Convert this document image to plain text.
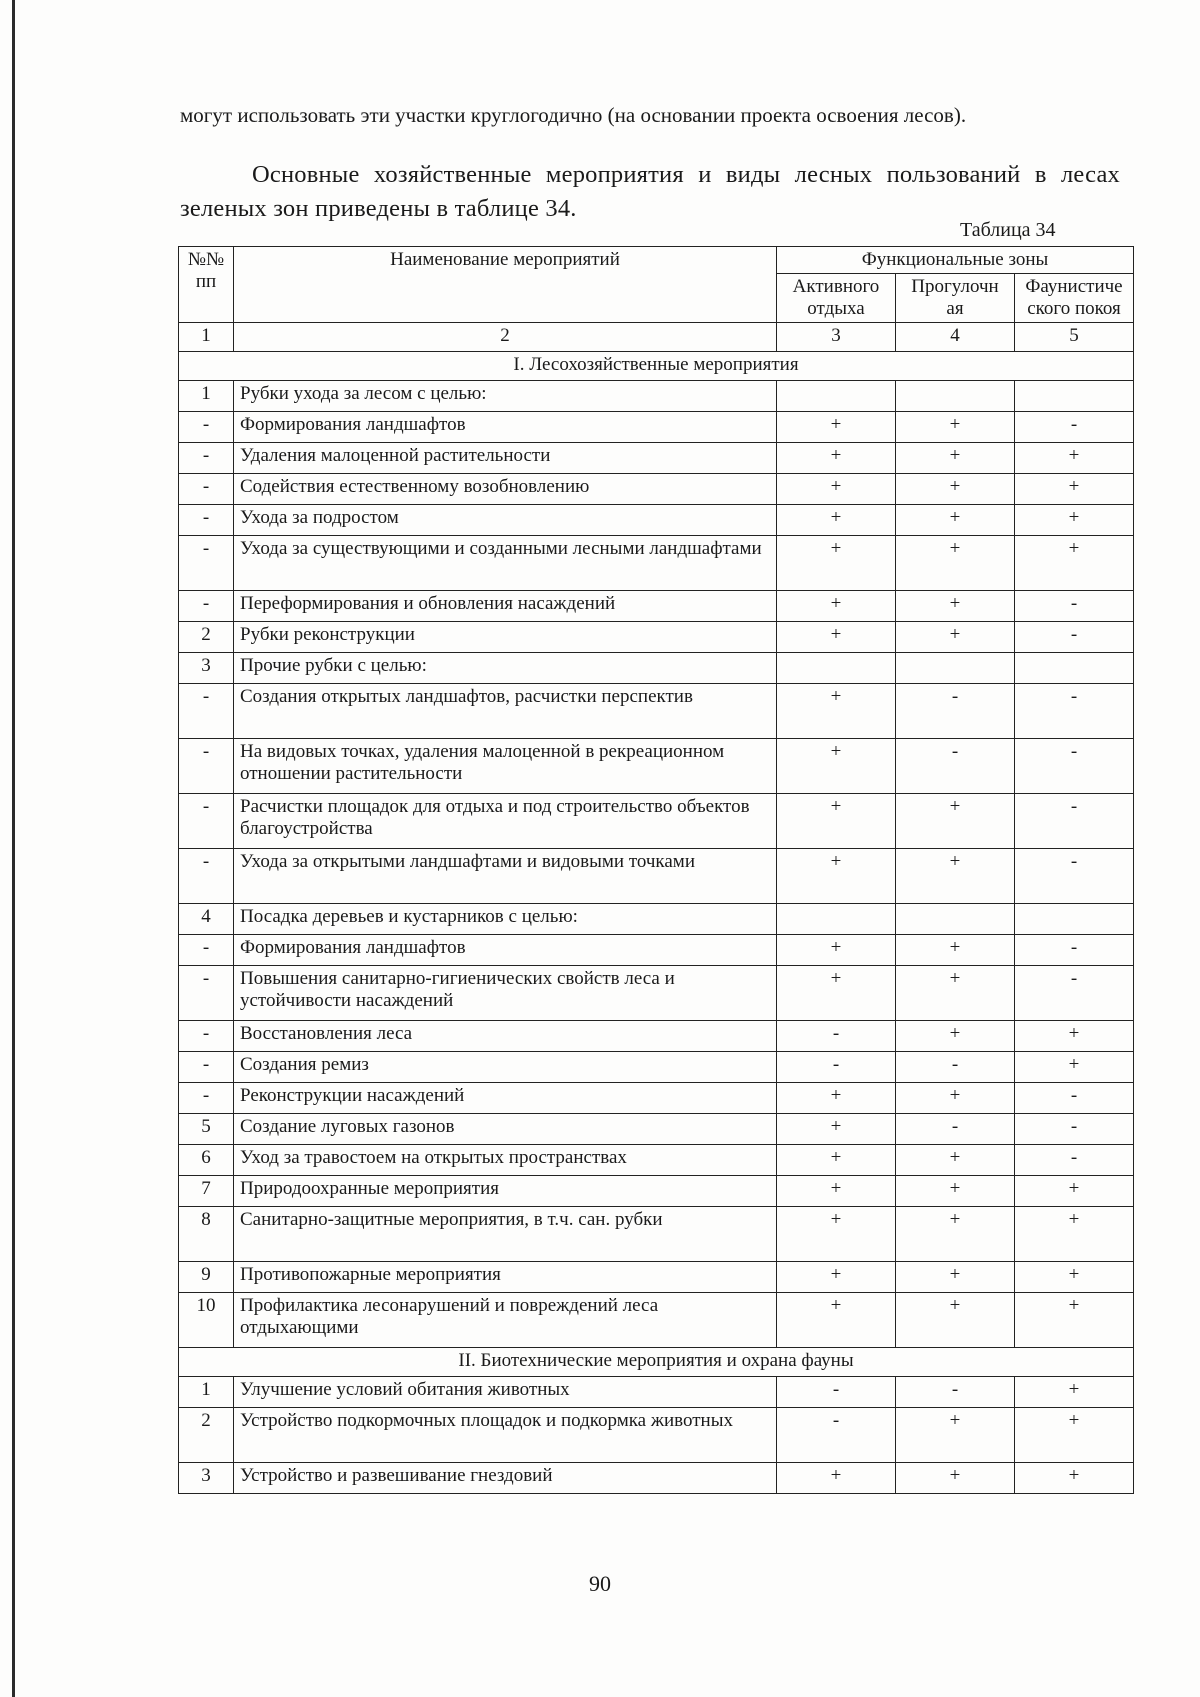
могут использовать эти участки круглогодично (на основании проекта освоения лесов).
Основные хозяйственные мероприятия и виды лесных пользований в лесах зеленых зон приведены в таблице 34.
Таблица 34
№№ пп	Наименование мероприятий	Функциональные зоны		
		Активного отдыха	Прогулочн ая	Фаунистиче ского покоя
1	2	3	4	5
I. Лесохозяйственные мероприятия				
1	Рубки ухода за лесом с целью:			
-	Формирования ландшафтов	+	+	-
-	Удаления малоценной растительности	+	+	+
-	Содействия естественному возобновлению	+	+	+
-	Ухода за подростом	+	+	+
-	Ухода за существующими и созданными лесными ландшафтами	+	+	+
-	Переформирования и обновления насаждений	+	+	-
2	Рубки реконструкции	+	+	-
3	Прочие рубки с целью:			
-	Создания открытых ландшафтов, расчистки перспектив	+	-	-
-	На видовых точках, удаления малоценной в рекреационном отношении растительности	+	-	-
-	Расчистки площадок для отдыха и под строительство объектов благоустройства	+	+	-
-	Ухода за открытыми ландшафтами и видовыми точками	+	+	-
4	Посадка деревьев и кустарников с целью:			
-	Формирования ландшафтов	+	+	-
-	Повышения санитарно-гигиенических свойств леса и устойчивости насаждений	+	+	-
-	Восстановления леса	-	+	+
-	Создания ремиз	-	-	+
-	Реконструкции насаждений	+	+	-
5	Создание луговых газонов	+	-	-
6	Уход за травостоем на открытых пространствах	+	+	-
7	Природоохранные мероприятия	+	+	+
8	Санитарно-защитные мероприятия, в т.ч. сан. рубки	+	+	+
9	Противопожарные мероприятия	+	+	+
10	Профилактика лесонарушений и повреждений леса отдыхающими	+	+	+
II. Биотехнические мероприятия и охрана фауны				
1	Улучшение условий обитания животных	-	-	+
2	Устройство подкормочных площадок и подкормка животных	-	+	+
3	Устройство и развешивание гнездовий	+	+	+
90
